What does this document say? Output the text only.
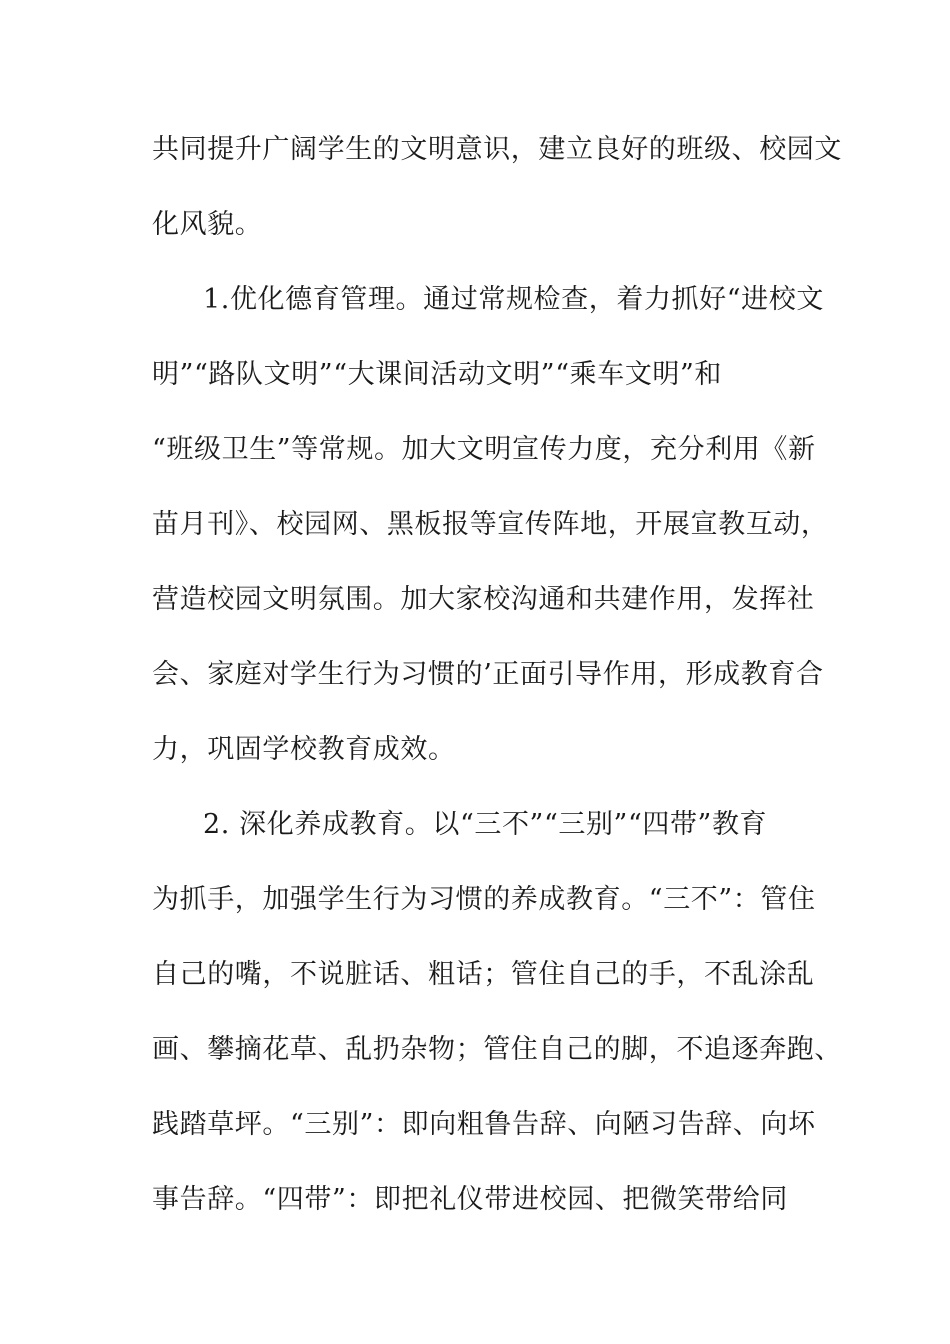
共同提升广阔学生的文明意识，建立良好的班级、校园文
化风貌。
1.优化德育管理。通过常规检查，着力抓好“进校文
明”“路队文明”“大课间活动文明”“乘车文明”和
“班级卫生”等常规。加大文明宣传力度，充分利用《新
苗月刊》、校园网、黑板报等宣传阵地，开展宣教互动，
营造校园文明氛围。加大家校沟通和共建作用，发挥社
会、家庭对学生行为习惯的’正面引导作用，形成教育合
力，巩固学校教育成效。
2. 深化养成教育。以“三不”“三别”“四带”教育
为抓手，加强学生行为习惯的养成教育。“三不”：管住
自己的嘴，不说脏话、粗话；管住自己的手，不乱涂乱
画、攀摘花草、乱扔杂物；管住自己的脚，不追逐奔跑、
践踏草坪。“三别”：即向粗鲁告辞、向陋习告辞、向坏
事告辞。“四带”：即把礼仪带进校园、把微笑带给同
